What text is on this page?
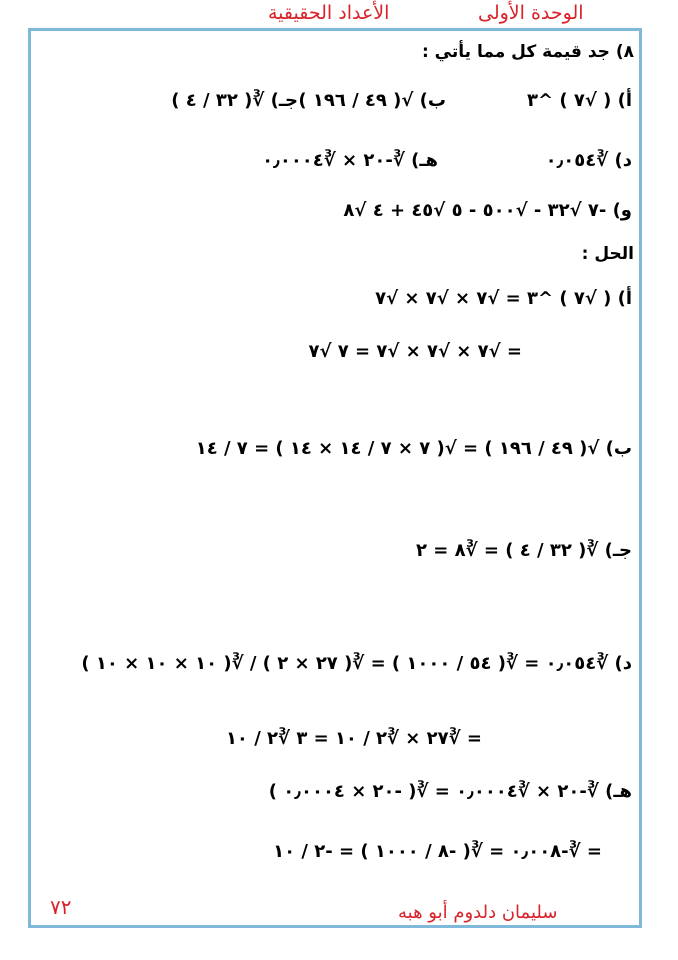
الوحدة الأولى
الأعداد الحقيقية
٨) جد قيمة كل مما يأتي :
أ) ( √٧ ) ^٣
ب) √( ٤٩ / ١٩٦ )
جـ) ∛( ٣٢ / ٤ )
د) ∛٠٫٠٥٤
هـ) ∛-٢٠ × ∛٠٫٠٠٠٤
و) -٧ √٣٢ - √٥٠٠ - ٥ √٤٥ + ٤ √٨
الحل :
أ) ( √٧ ) ^٣ = √٧ × √٧ × √٧
= √٧ × √٧ × √٧ = ٧ √٧
ب) √( ٤٩ / ١٩٦ ) = √( ٧ × ٧ / ١٤ × ١٤ ) = ٧ / ١٤
جـ) ∛( ٣٢ / ٤ ) = ∛٨ = ٢
د) ∛٠٫٠٥٤ = ∛( ٥٤ / ١٠٠٠ ) = ∛( ٢٧ × ٢ ) / ∛( ١٠ × ١٠ × ١٠ )
= ∛٢٧ × ∛٢ / ١٠ = ٣ ∛٢ / ١٠
هـ) ∛-٢٠ × ∛٠٫٠٠٠٤ = ∛( -٢٠ × ٠٫٠٠٠٤ )
= ∛-٠٫٠٠٨ = ∛( -٨ / ١٠٠٠ ) = -٢ / ١٠
سليمان دلدوم أبو هبه
٧٢
